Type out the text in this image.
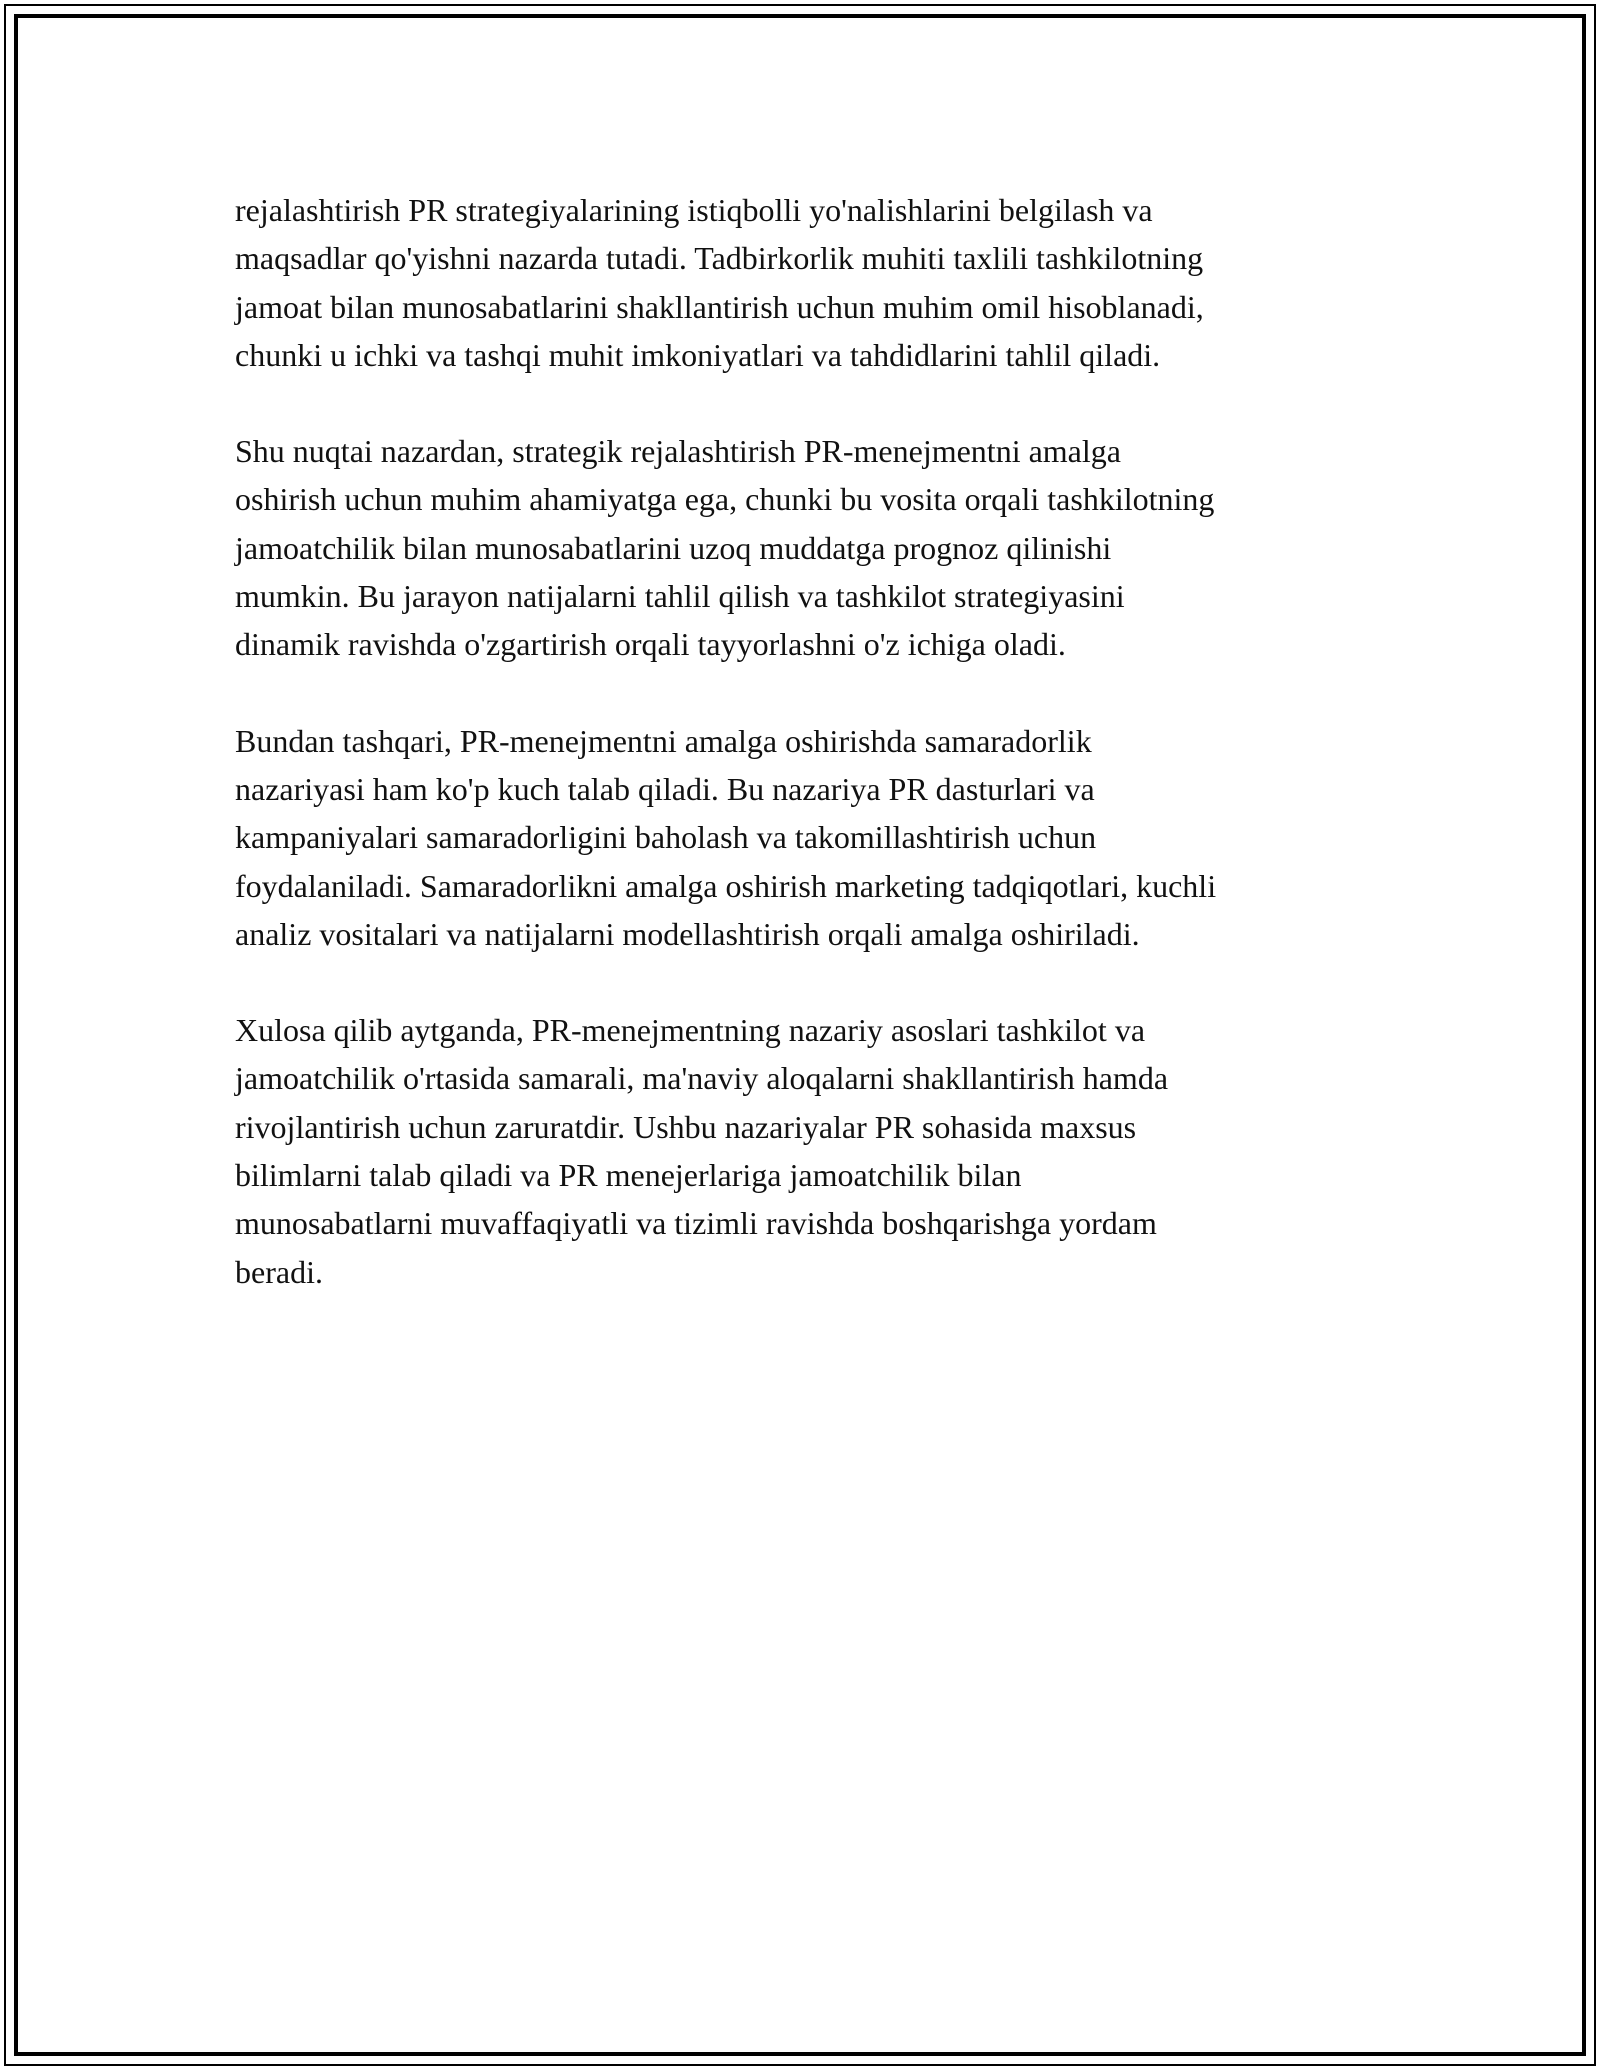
rejalashtirish PR strategiyalarining istiqbolli yo'nalishlarini belgilash va
maqsadlar qo'yishni nazarda tutadi. Tadbirkorlik muhiti taxlili tashkilotning
jamoat bilan munosabatlarini shakllantirish uchun muhim omil hisoblanadi,
chunki u ichki va tashqi muhit imkoniyatlari va tahdidlarini tahlil qiladi.

Shu nuqtai nazardan, strategik rejalashtirish PR-menejmentni amalga
oshirish uchun muhim ahamiyatga ega, chunki bu vosita orqali tashkilotning
jamoatchilik bilan munosabatlarini uzoq muddatga prognoz qilinishi
mumkin. Bu jarayon natijalarni tahlil qilish va tashkilot strategiyasini
dinamik ravishda o'zgartirish orqali tayyorlashni o'z ichiga oladi.

Bundan tashqari, PR-menejmentni amalga oshirishda samaradorlik
nazariyasi ham ko'p kuch talab qiladi. Bu nazariya PR dasturlari va
kampaniyalari samaradorligini baholash va takomillashtirish uchun
foydalaniladi. Samaradorlikni amalga oshirish marketing tadqiqotlari, kuchli
analiz vositalari va natijalarni modellashtirish orqali amalga oshiriladi.

Xulosa qilib aytganda, PR-menejmentning nazariy asoslari tashkilot va
jamoatchilik o'rtasida samarali, ma'naviy aloqalarni shakllantirish hamda
rivojlantirish uchun zaruratdir. Ushbu nazariyalar PR sohasida maxsus
bilimlarni talab qiladi va PR menejerlariga jamoatchilik bilan
munosabatlarni muvaffaqiyatli va tizimli ravishda boshqarishga yordam
beradi.
